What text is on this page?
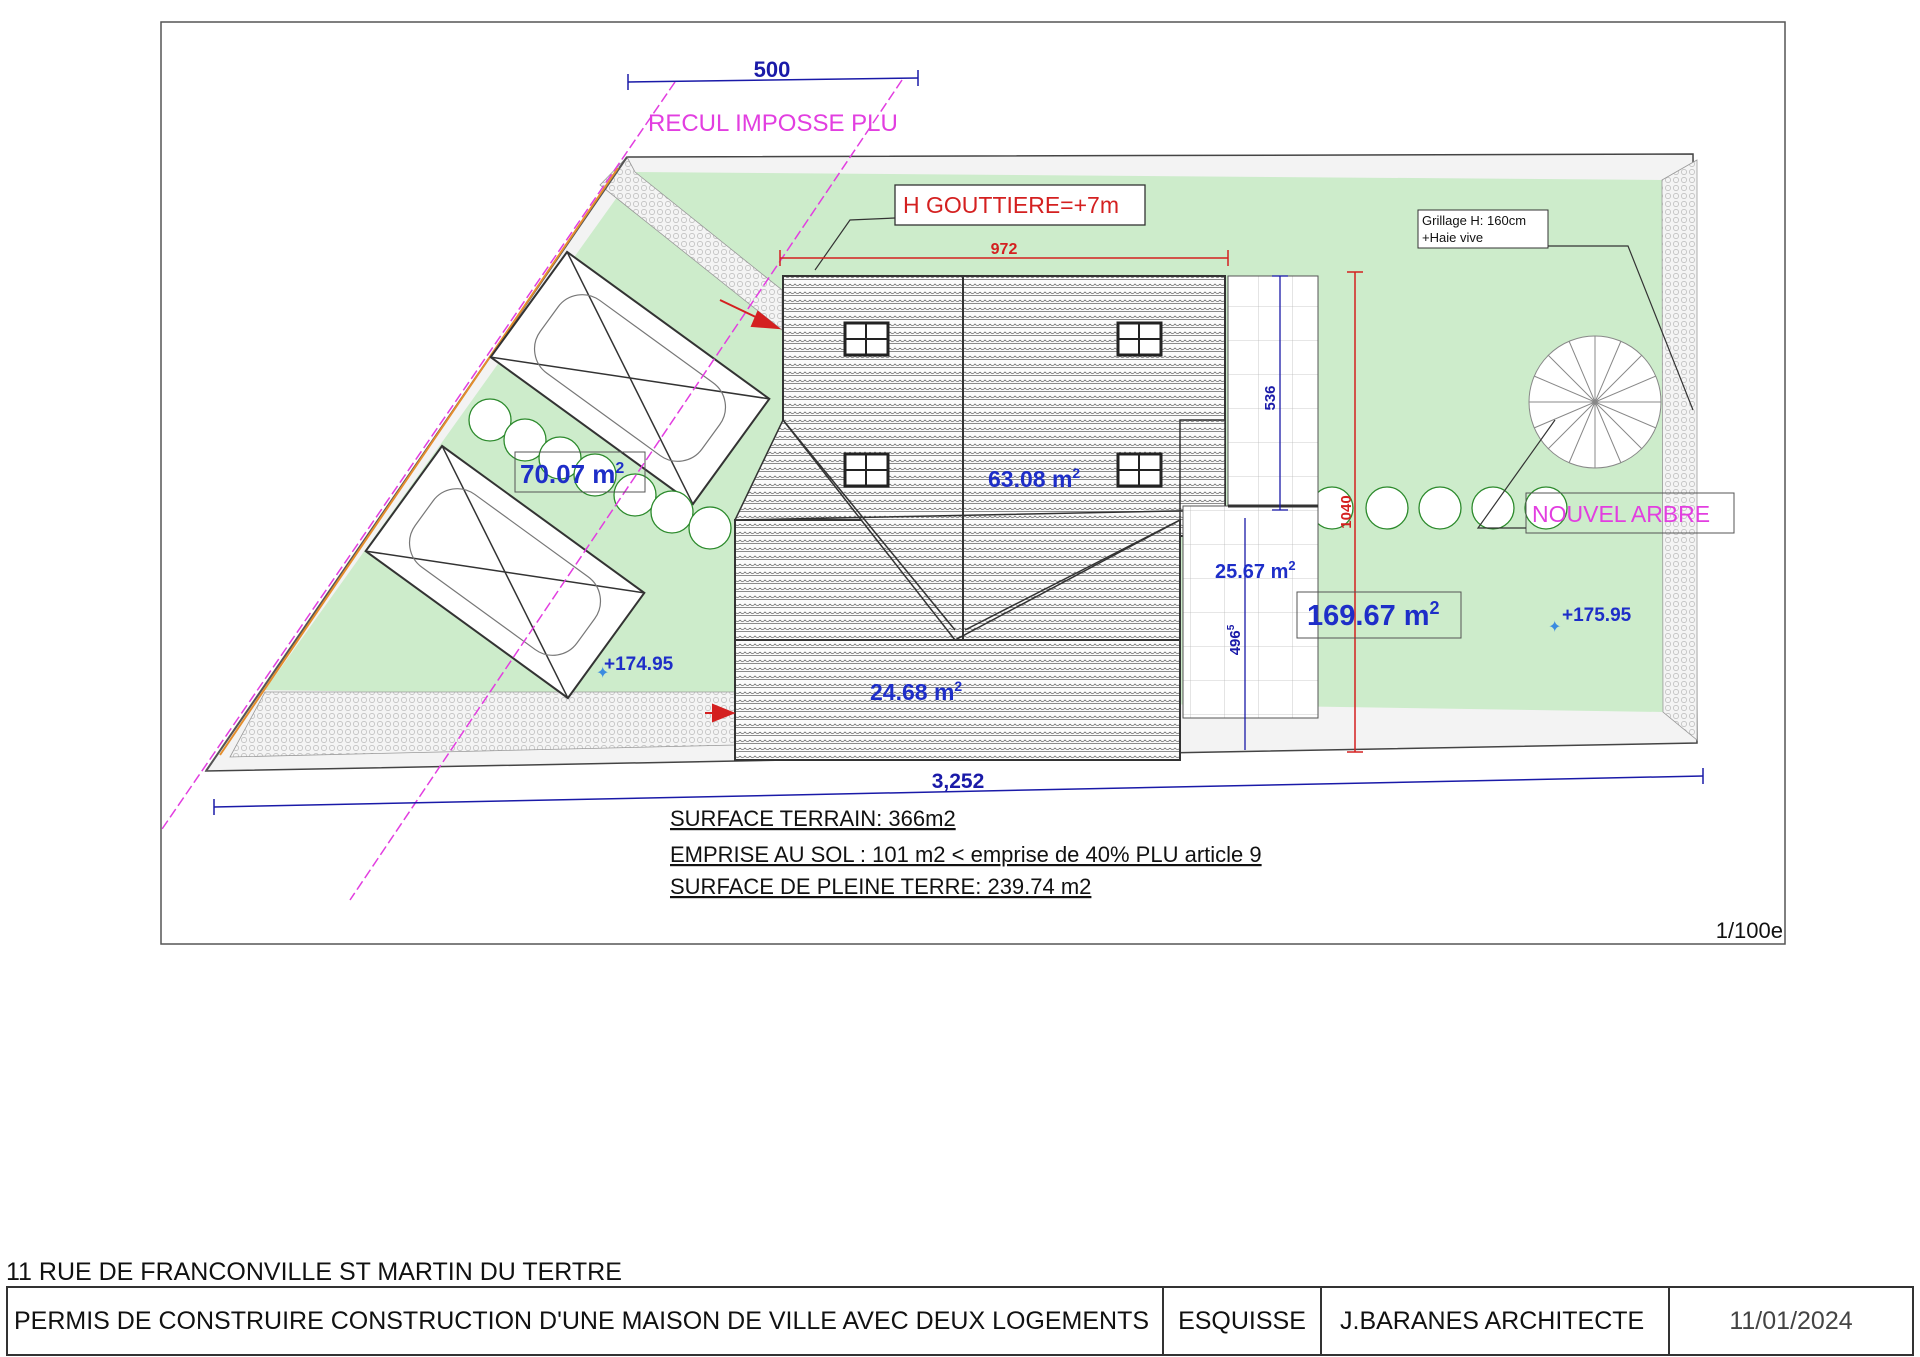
500
RECUL IMPOSSE PLU
H GOUTTIERE=+7m
972
Grillage H: 160cm
+Haie vive
536
1040
$496^5$
70.07 $m^2$	63.08 $m^2$
25.67 $m^2$
169.67 $m^2$
24.68 $m^2$
+174.95
+175.95
✦
✦
NOUVEL ARBRE
3,252
SURFACE TERRAIN: 366m2
EMPRISE AU SOL : 101 m2 < emprise de 40% PLU article 9
SURFACE DE PLEINE TERRE: 239.74 m2
1/100e
11 RUE DE FRANCONVILLE ST MARTIN DU TERTRE
PERMIS DE CONSTRUIRE CONSTRUCTION D'UNE MAISON DE VILLE AVEC DEUX LOGEMENTS	ESQUISSE	J.BARANES ARCHITECTE	11/01/2024
